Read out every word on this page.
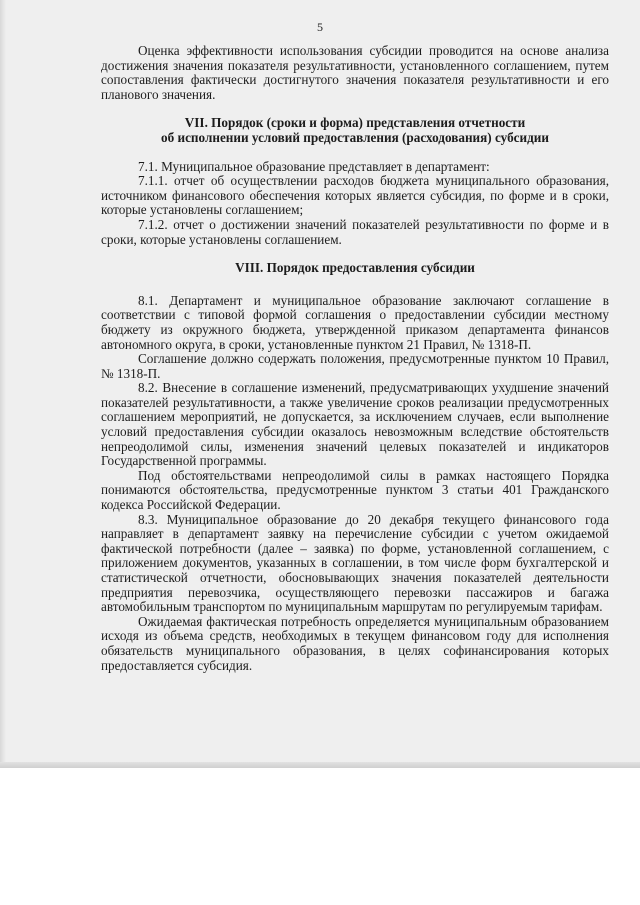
5

Оценка эффективности использования субсидии проводится на основе анализа достижения значения показателя результативности, установленного соглашением, путем сопоставления фактически достигнутого значения показателя результативности и его планового значения.

VII. Порядок (сроки и форма) представления отчетности

об исполнении условий предоставления (расходования) субсидии

7.1. Муниципальное образование представляет в департамент:

7.1.1. отчет об осуществлении расходов бюджета муниципального образования, источником финансового обеспечения которых является субсидия, по форме и в сроки, которые установлены соглашением;

7.1.2. отчет о достижении значений показателей результативности по форме и в сроки, которые установлены соглашением.

VIII. Порядок предоставления субсидии

8.1. Департамент и муниципальное образование заключают соглашение в соответствии с типовой формой соглашения о предоставлении субсидии местному бюджету из окружного бюджета, утвержденной приказом департамента финансов автономного округа, в сроки, установленные пунктом 21 Правил, № 1318-П.

Соглашение должно содержать положения, предусмотренные пунктом 10 Правил, № 1318-П.

8.2. Внесение в соглашение изменений, предусматривающих ухудшение значений показателей результативности, а также увеличение сроков реализации предусмотренных соглашением мероприятий, не допускается, за исключением случаев, если выполнение условий предоставления субсидии оказалось невозможным вследствие обстоятельств непреодолимой силы, изменения значений целевых показателей и индикаторов Государственной программы.

Под обстоятельствами непреодолимой силы в рамках настоящего Порядка понимаются обстоятельства, предусмотренные пунктом 3 статьи 401 Гражданского кодекса Российской Федерации.

8.3. Муниципальное образование до 20 декабря текущего финансового года направляет в департамент заявку на перечисление субсидии с учетом ожидаемой фактической потребности (далее – заявка) по форме, установленной соглашением, с приложением документов, указанных в соглашении, в том числе форм бухгалтерской и статистической отчетности, обосновывающих значения показателей деятельности предприятия перевозчика, осуществляющего перевозки пассажиров и багажа автомобильным транспортом по муниципальным маршрутам по регулируемым тарифам.

Ожидаемая фактическая потребность определяется муниципальным образованием исходя из объема средств, необходимых в текущем финансовом году для исполнения обязательств муниципального образования, в целях софинансирования которых предоставляется субсидия.
